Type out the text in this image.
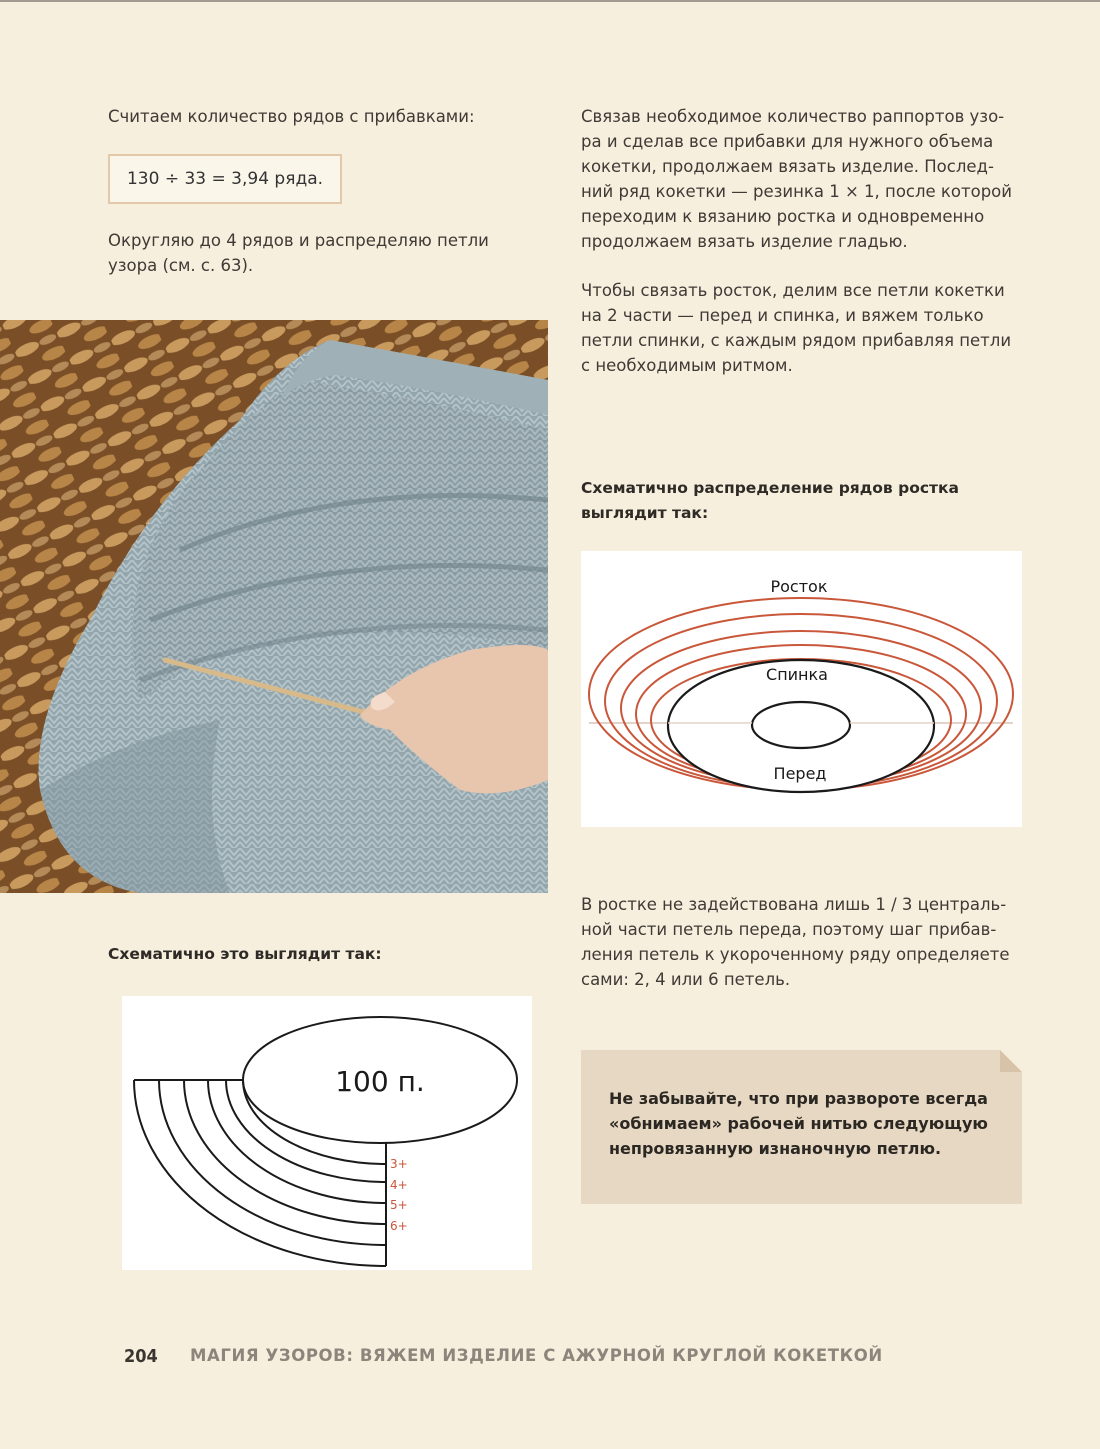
Считаем количество рядов с прибавками:

130 ÷ 33 = 3,94 ряда.

Округляю до 4 рядов и распределяю петли

узора (см. с. 63).

Схематично это выглядит так:

100 п.
3+
4+
5+
6+

Связав необходимое количество раппортов узо-

ра и сделав все прибавки для нужного объема

кокетки, продолжаем вязать изделие. Послед-

ний ряд кокетки — резинка 1 × 1, после которой

переходим к вязанию ростка и одновременно

продолжаем вязать изделие гладью.

Чтобы связать росток, делим все петли кокетки

на 2 части — перед и спинка, и вяжем только

петли спинки, с каждым рядом прибавляя петли

с необходимым ритмом.

Схематично распределение рядов ростка

выглядит так:

Росток
Спинка
Перед

В ростке не задействована лишь 1 / 3 централь-

ной части петель переда, поэтому шаг прибав-

ления петель к укороченному ряду определяете

сами: 2, 4 или 6 петель.

Не забывайте, что при развороте всегда
«обнимаем» рабочей нитью следующую
непровязанную изнаночную петлю.
204 МАГИЯ УЗОРОВ: ВЯЖЕМ ИЗДЕЛИЕ С АЖУРНОЙ КРУГЛОЙ КОКЕТКОЙ
